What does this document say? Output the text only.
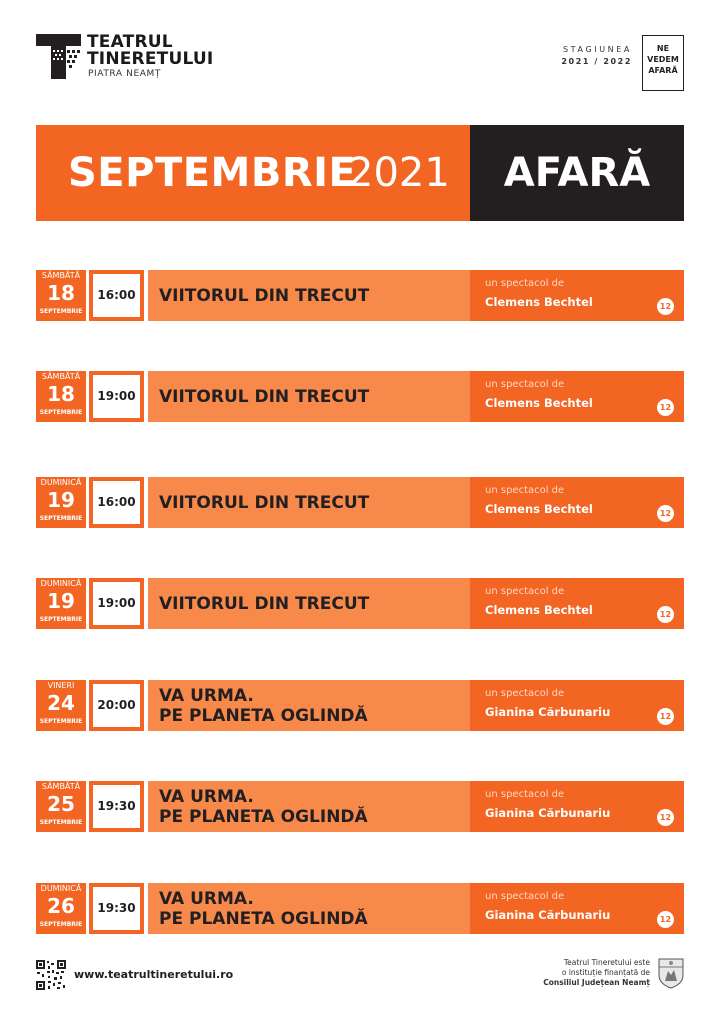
TEATRUL
TINERETULUI
PIATRA NEAMȚ
STAGIUNEA
2021 / 2022
NE
VEDEM
AFARĂ
SEPTEMBRIE
2021	AFARĂ
SÂMBĂTĂ
18
SEPTEMBRIE
16:00 VIITORUL DIN TRECUT
un spectacol de
Clemens Bechtel	12
SÂMBĂTĂ
18
SEPTEMBRIE
19:00 VIITORUL DIN TRECUT
un spectacol de
Clemens Bechtel	12
DUMINICĂ
19
SEPTEMBRIE
16:00 VIITORUL DIN TRECUT
un spectacol de
Clemens Bechtel	12
DUMINICĂ
19
SEPTEMBRIE
19:00 VIITORUL DIN TRECUT
un spectacol de
Clemens Bechtel	12
VINERI
24
SEPTEMBRIE
20:00 VA URMA.
PE PLANETA OGLINDĂ
un spectacol de
Gianina Cărbunariu	12
SÂMBĂTĂ
25
SEPTEMBRIE
19:30 VA URMA.
PE PLANETA OGLINDĂ
un spectacol de
Gianina Cărbunariu	12
DUMINICĂ
26
SEPTEMBRIE
19:30 VA URMA.
PE PLANETA OGLINDĂ
un spectacol de
Gianina Cărbunariu	12
www.teatrultineretului.ro
Teatrul Tineretului este
o instituție finanțată de
Consiliul Județean Neamț
